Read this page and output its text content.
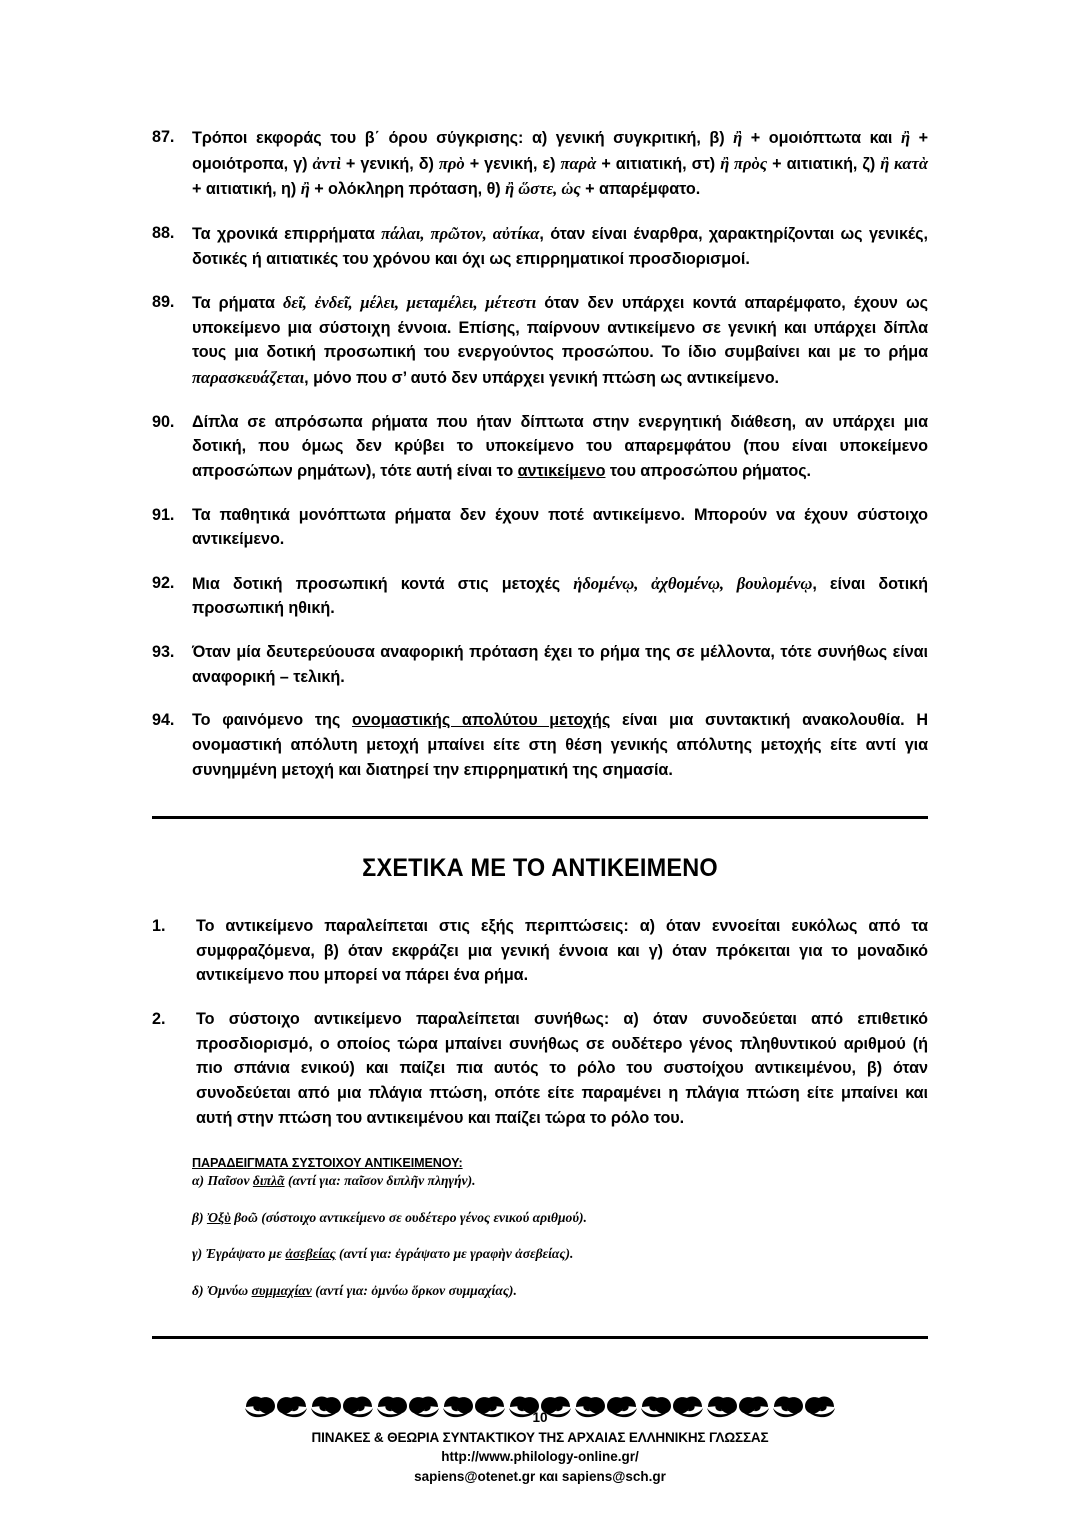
87.	Τρόποι εκφοράς του β΄ όρου σύγκρισης: α) γενική συγκριτική, β) ἢ + ομοιόπτωτα και ἢ + ομοιότροπα, γ) ἀντὶ + γενική, δ) πρὸ + γενική, ε) παρὰ + αιτιατική, στ) ἢ πρὸς + αιτιατική, ζ) ἢ κατὰ + αιτιατική, η) ἢ + ολόκληρη πρόταση, θ) ἢ ὥστε, ὡς + απαρέμφατο.
88.	Τα χρονικά επιρρήματα πάλαι, πρῶτον, αὐτίκα, όταν είναι έναρθρα, χαρακτηρίζονται ως γενικές, δοτικές ή αιτιατικές του χρόνου και όχι ως επιρρηματικοί προσδιορισμοί.
89.	Τα ρήματα δεῖ, ἐνδεῖ, μέλει, μεταμέλει, μέτεστι όταν δεν υπάρχει κοντά απαρέμφατο, έχουν ως υποκείμενο μια σύστοιχη έννοια. Επίσης, παίρνουν αντικείμενο σε γενική και υπάρχει δίπλα τους μια δοτική προσωπική του ενεργούντος προσώπου. Το ίδιο συμβαίνει και με το ρήμα παρασκευάζεται, μόνο που σ’ αυτό δεν υπάρχει γενική πτώση ως αντικείμενο.
90.	Δίπλα σε απρόσωπα ρήματα που ήταν δίπτωτα στην ενεργητική διάθεση, αν υπάρχει μια δοτική, που όμως δεν κρύβει το υποκείμενο του απαρεμφάτου (που είναι υποκείμενο απροσώπων ρημάτων), τότε αυτή είναι το αντικείμενο του απροσώπου ρήματος.
91.	Τα παθητικά μονόπτωτα ρήματα δεν έχουν ποτέ αντικείμενο. Μπορούν να έχουν σύστοιχο αντικείμενο.
92.	Μια δοτική προσωπική κοντά στις μετοχές ἡδομένῳ, ἀχθομένῳ, βουλομένῳ, είναι δοτική προσωπική ηθική.
93.	Όταν μία δευτερεύουσα αναφορική πρόταση έχει το ρήμα της σε μέλλοντα, τότε συνήθως είναι αναφορική – τελική.
94.	Το φαινόμενο της ονομαστικής απολύτου μετοχής είναι μια συντακτική ανακολουθία. Η ονομαστική απόλυτη μετοχή μπαίνει είτε στη θέση γενικής απόλυτης μετοχής είτε αντί για συνημμένη μετοχή και διατηρεί την επιρρηματική της σημασία.
ΣΧΕΤΙΚΑ ΜΕ ΤΟ ΑΝΤΙΚΕΙΜΕΝΟ
1.	Το αντικείμενο παραλείπεται στις εξής περιπτώσεις: α) όταν εννοείται ευκόλως από τα συμφραζόμενα, β) όταν εκφράζει μια γενική έννοια και γ) όταν πρόκειται για το μοναδικό αντικείμενο που μπορεί να πάρει ένα ρήμα.
2.	Το σύστοιχο αντικείμενο παραλείπεται συνήθως: α) όταν συνοδεύεται από επιθετικό προσδιορισμό, ο οποίος τώρα μπαίνει συνήθως σε ουδέτερο γένος πληθυντικού αριθμού (ή πιο σπάνια ενικού) και παίζει πια αυτός το ρόλο του συστοίχου αντικειμένου, β) όταν συνοδεύεται από μια πλάγια πτώση, οπότε είτε παραμένει η πλάγια πτώση είτε μπαίνει και αυτή στην πτώση του αντικειμένου και παίζει τώρα το ρόλο του.
ΠΑΡΑΔΕΙΓΜΑΤΑ ΣΥΣΤΟΙΧΟΥ ΑΝΤΙΚΕΙΜΕΝΟΥ:

α) Παῖσον διπλᾶ (αντί για: παῖσον διπλῆν πληγήν).

β) Ὀξὺ βοῶ (σύστοιχο αντικείμενο σε ουδέτερο γένος ενικού αριθμού).

γ) Ἐγράψατο με ἀσεβείας (αντί για: ἐγράψατο με γραφὴν ἀσεβείας).

δ) Ὀμνύω συμμαχίαν (αντί για: ὀμνύω ὅρκον συμμαχίας).

10
ΠΙΝΑΚΕΣ & ΘΕΩΡΙΑ ΣΥΝΤΑΚΤΙΚΟΥ ΤΗΣ ΑΡΧΑΙΑΣ ΕΛΛΗΝΙΚΗΣ ΓΛΩΣΣΑΣ
http://www.philology-online.gr/
sapiens@otenet.gr και sapiens@sch.gr
